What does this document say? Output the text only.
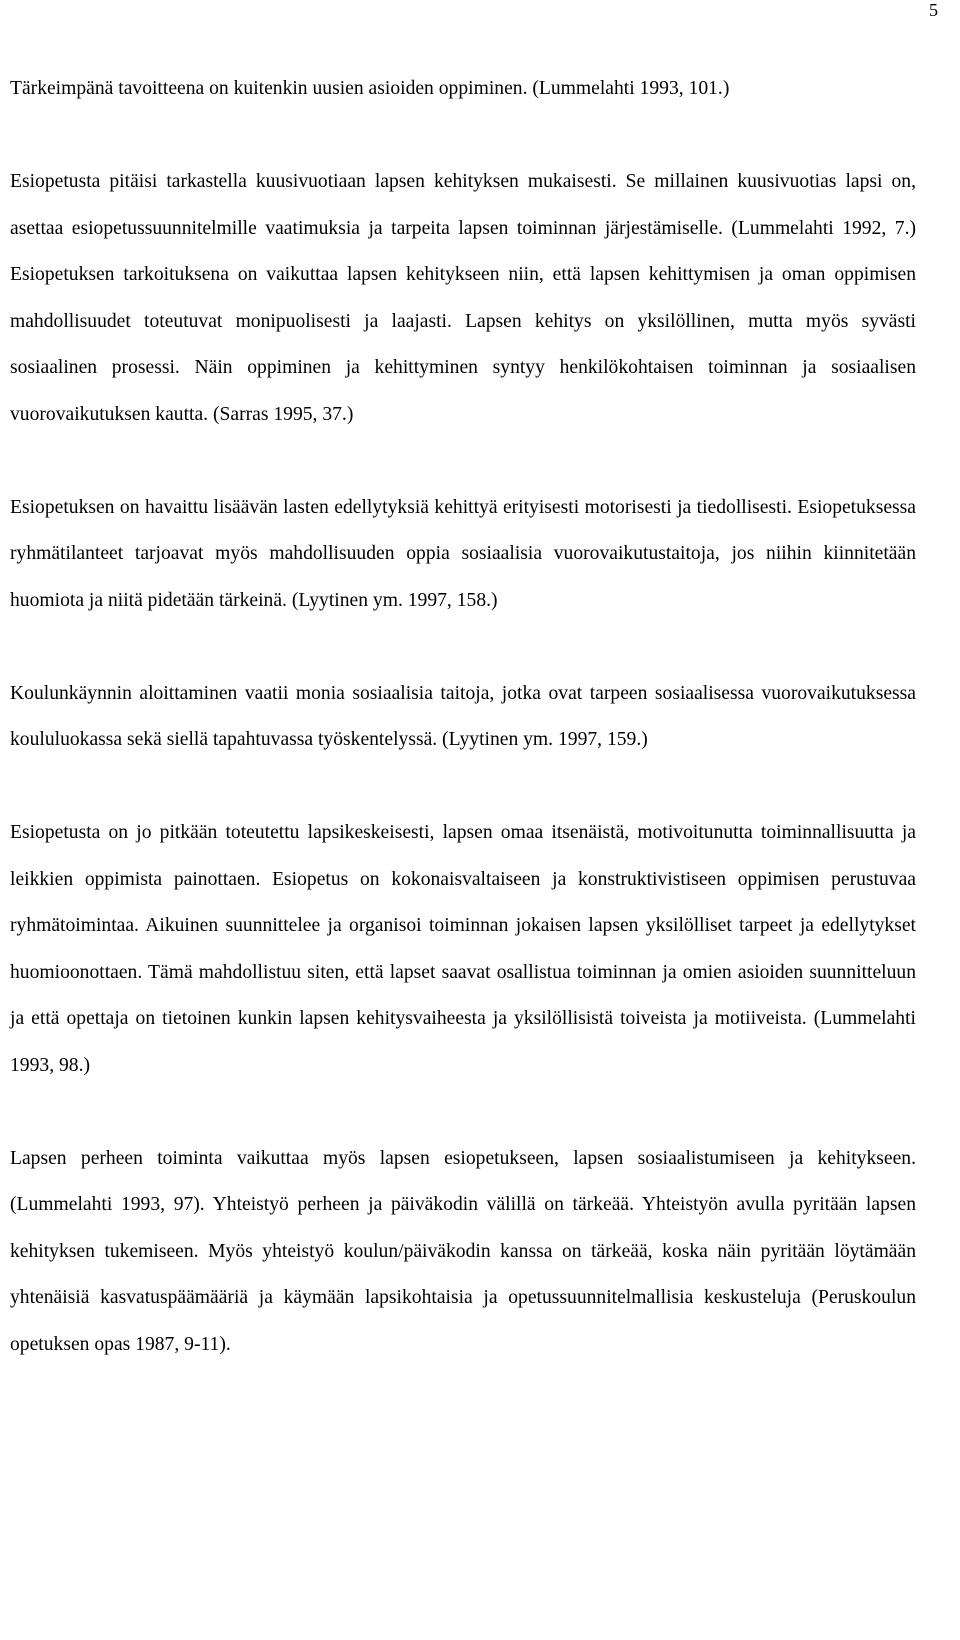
5

Tärkeimpänä tavoitteena on kuitenkin uusien asioiden oppiminen. (Lummelahti 1993, 101.)

Esiopetusta pitäisi tarkastella kuusivuotiaan lapsen kehityksen mukaisesti. Se millainen kuusivuotias lapsi on, asettaa esiopetussuunnitelmille vaatimuksia ja tarpeita lapsen toiminnan järjestämiselle. (Lummelahti 1992, 7.) Esiopetuksen tarkoituksena on vaikuttaa lapsen kehitykseen niin, että lapsen kehittymisen ja oman oppimisen mahdollisuudet toteutuvat monipuolisesti ja laajasti. Lapsen kehitys on yksilöllinen, mutta myös syvästi sosiaalinen prosessi. Näin oppiminen ja kehittyminen syntyy henkilökohtaisen toiminnan ja sosiaalisen vuorovaikutuksen kautta. (Sarras 1995, 37.)

Esiopetuksen on havaittu lisäävän lasten edellytyksiä kehittyä erityisesti motorisesti ja tiedollisesti. Esiopetuksessa ryhmätilanteet tarjoavat myös mahdollisuuden oppia sosiaalisia vuorovaikutustaitoja, jos niihin kiinnitetään huomiota ja niitä pidetään tärkeinä. (Lyytinen ym. 1997, 158.)

Koulunkäynnin aloittaminen vaatii monia sosiaalisia taitoja, jotka ovat tarpeen sosiaalisessa vuorovaikutuksessa koululuokassa sekä siellä tapahtuvassa työskentelyssä. (Lyytinen ym. 1997, 159.)

Esiopetusta on jo pitkään toteutettu lapsikeskeisesti, lapsen omaa itsenäistä, motivoitunutta toiminnallisuutta ja leikkien oppimista painottaen. Esiopetus on kokonaisvaltaiseen ja konstruktivistiseen oppimisen perustuvaa ryhmätoimintaa. Aikuinen suunnittelee ja organisoi toiminnan jokaisen lapsen yksilölliset tarpeet ja edellytykset huomioonottaen. Tämä mahdollistuu siten, että lapset saavat osallistua toiminnan ja omien asioiden suunnitteluun ja että opettaja on tietoinen kunkin lapsen kehitysvaiheesta ja yksilöllisistä toiveista ja motiiveista. (Lummelahti 1993, 98.)

Lapsen perheen toiminta vaikuttaa myös lapsen esiopetukseen, lapsen sosiaalistumiseen ja kehitykseen. (Lummelahti 1993, 97). Yhteistyö perheen ja päiväkodin välillä on tärkeää. Yhteistyön avulla pyritään lapsen kehityksen tukemiseen. Myös yhteistyö koulun/päiväkodin kanssa on tärkeää, koska näin pyritään löytämään yhtenäisiä kasvatuspäämääriä ja käymään lapsikohtaisia ja opetussuunnitelmallisia keskusteluja (Peruskoulun opetuksen opas 1987, 9-11).
